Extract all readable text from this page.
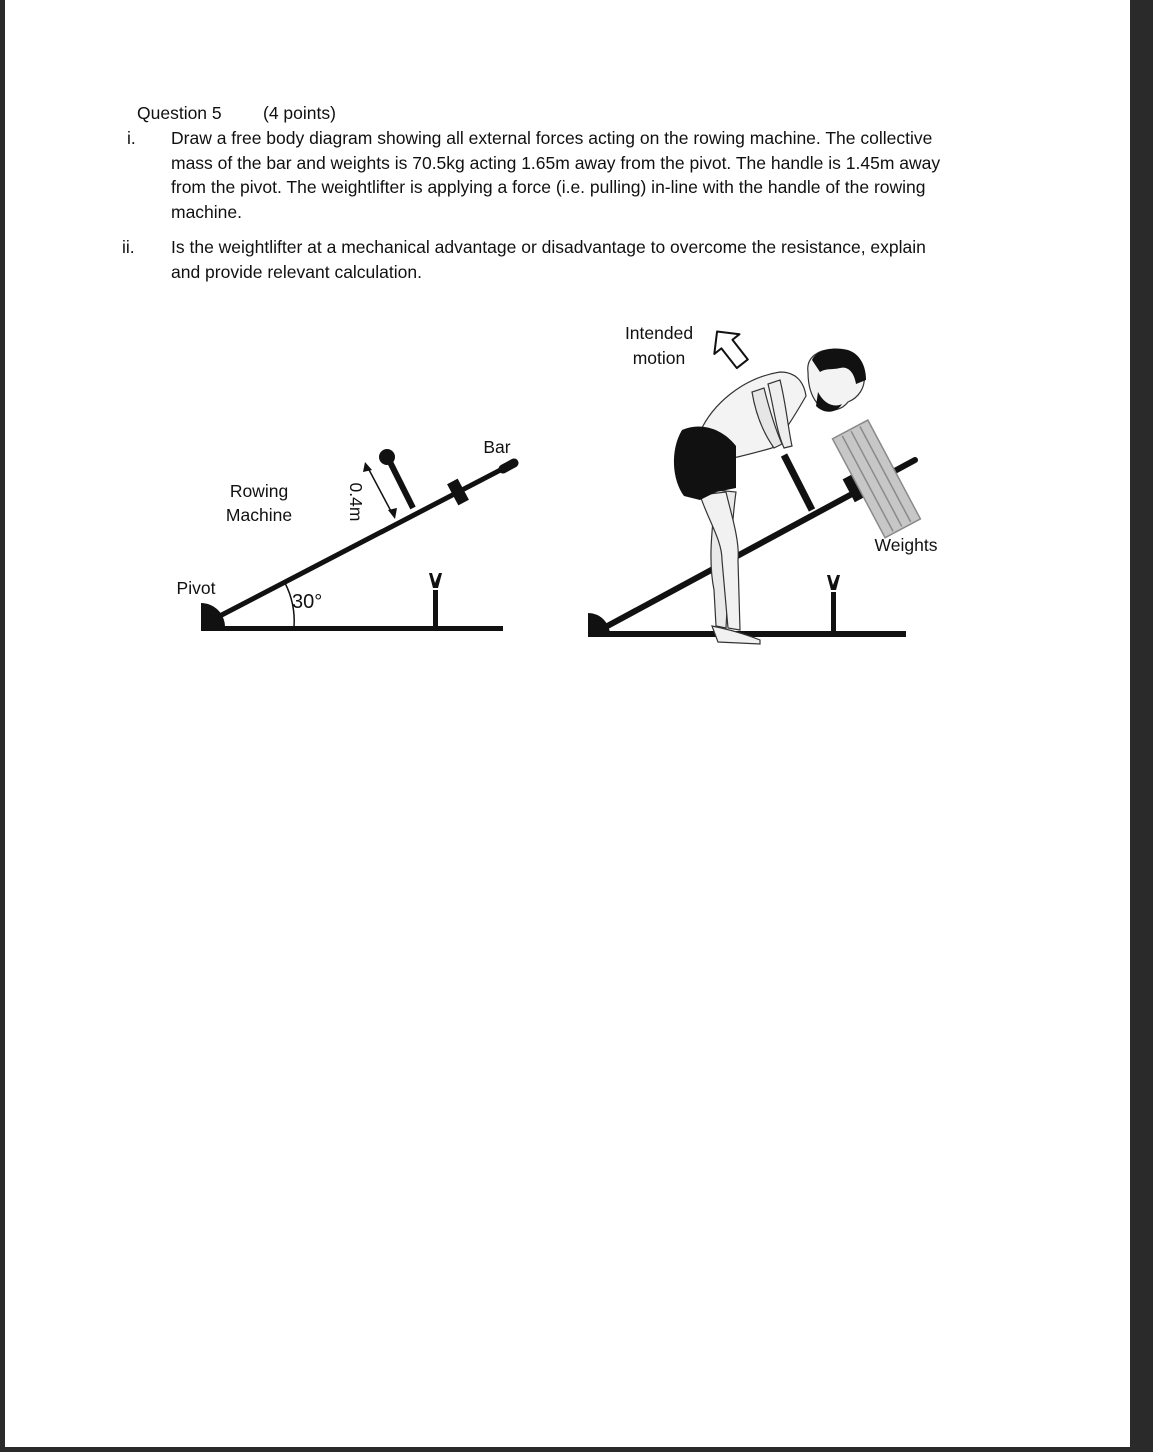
Question 5 (4 points)
i. Draw a free body diagram showing all external forces acting on the rowing machine. The collective
mass of the bar and weights is 70.5kg acting 1.65m away from the pivot. The handle is 1.45m away
from the pivot. The weightlifter is applying a force (i.e. pulling) in-line with the handle of the rowing
machine.
ii. Is the weightlifter at a mechanical advantage or disadvantage to overcome the resistance, explain
and provide relevant calculation.
Bar
Rowing
Machine
Pivot
30°
0.4m
Intended
motion
Weights
